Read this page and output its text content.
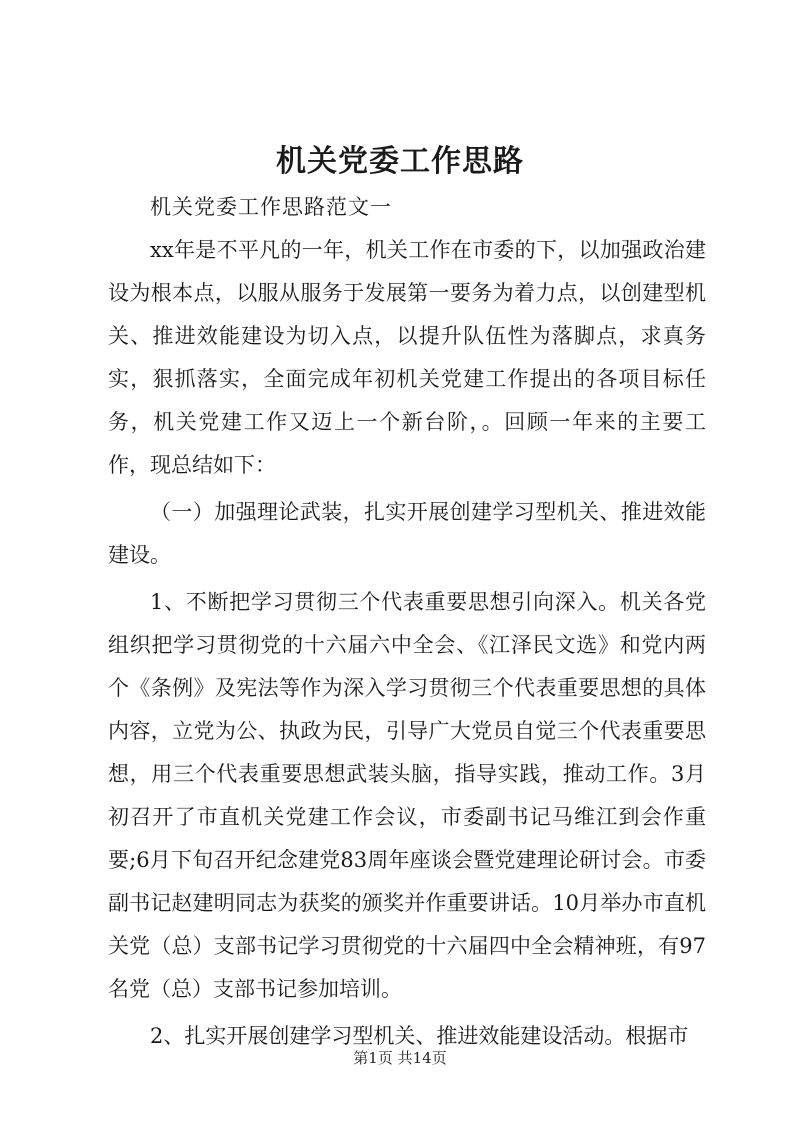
机关党委工作思路

机关党委工作思路范文一

xx年是不平凡的一年，机关工作在市委的下，以加强政治建设为根本点，以服从服务于发展第一要务为着力点，以创建型机关、推进效能建设为切入点，以提升队伍性为落脚点，求真务实，狠抓落实，全面完成年初机关党建工作提出的各项目标任务，机关党建工作又迈上一个新台阶，。回顾一年来的主要工作，现总结如下：

（一）加强理论武装，扎实开展创建学习型机关、推进效能建设。

1、不断把学习贯彻三个代表重要思想引向深入。机关各党组织把学习贯彻党的十六届六中全会、《江泽民文选》和党内两个《条例》及宪法等作为深入学习贯彻三个代表重要思想的具体内容，立党为公、执政为民，引导广大党员自觉三个代表重要思想，用三个代表重要思想武装头脑，指导实践，推动工作。3月初召开了市直机关党建工作会议，市委副书记马维江到会作重要;6月下旬召开纪念建党83周年座谈会暨党建理论研讨会。市委副书记赵建明同志为获奖的颁奖并作重要讲话。10月举办市直机关党（总）支部书记学习贯彻党的十六届四中全会精神班，有97名党（总）支部书记参加培训。

2、扎实开展创建学习型机关、推进效能建设活动。根据市

第1页 共14页
